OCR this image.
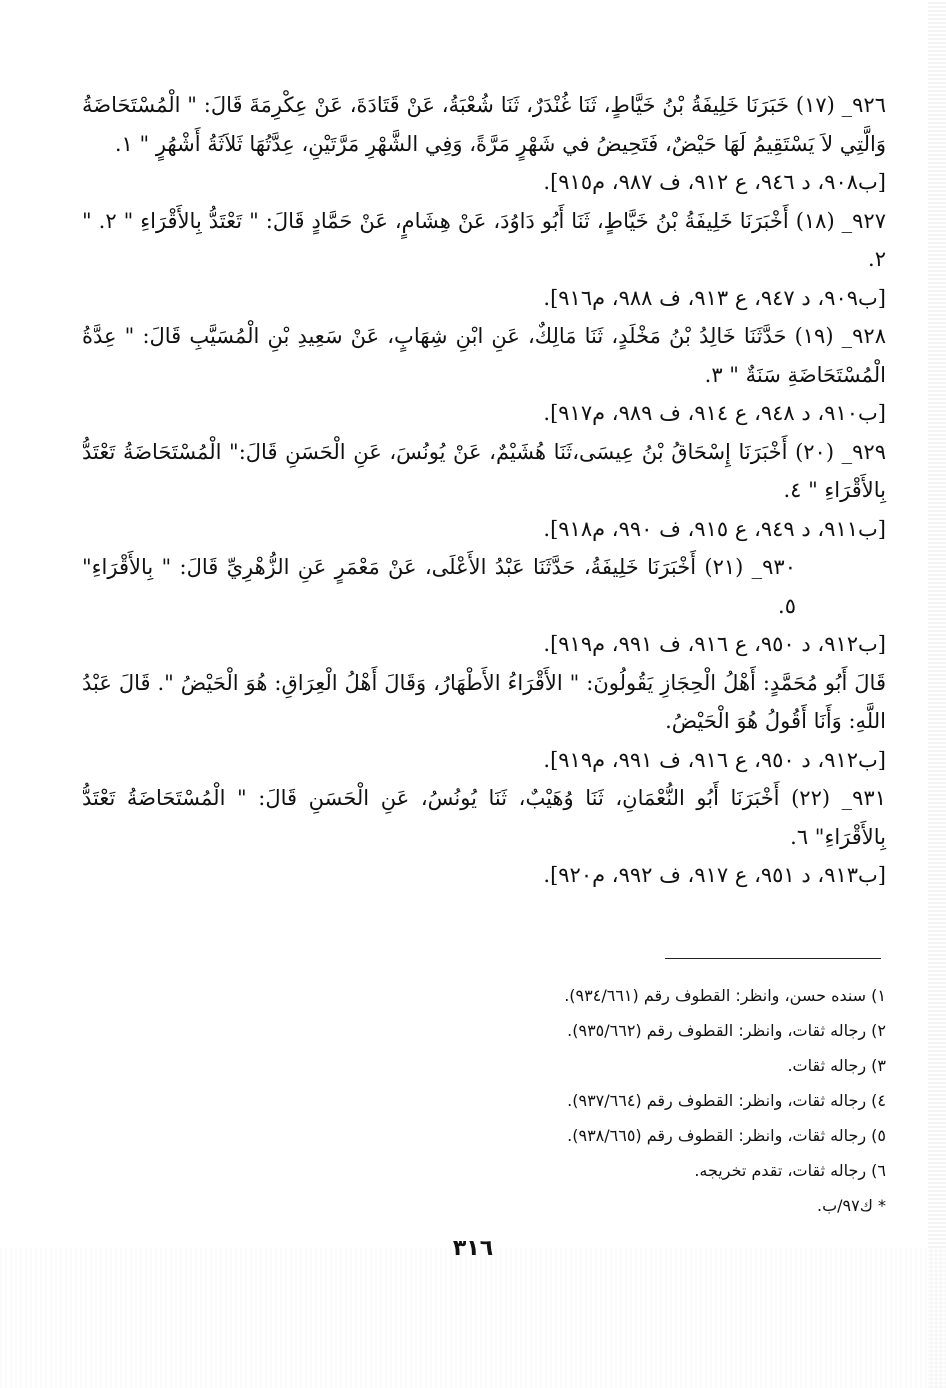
٩٢٦_ (١٧) خَبَرَنَا خَلِيفَةُ بْنُ خَيَّاطٍ، ثَنَا غُنْدَرٌ، ثَنَا شُعْبَةُ، عَنْ قَتَادَةَ، عَنْ عِكْرِمَةَ قَالَ: " الْمُسْتَحَاضَةُ وَالَّتِي لاَ يَسْتَقِيمُ لَهَا حَيْضٌ، فَتَحِيضُ في شَهْرٍ مَرَّةً، وَفِي الشَّهْرِ مَرَّتَيْنِ، عِدَّتُهَا ثَلاَثَةُ أَشْهُرٍ " ١.

[ب٩٠٨، د ٩٤٦، ع ٩١٢، ف ٩٨٧، م٩١٥].

٩٢٧_ (١٨) أَخْبَرَنَا خَلِيفَةُ بْنُ خَيَّاطٍ، ثَنَا أَبُو دَاوُدَ، عَنْ هِشَامٍ، عَنْ حَمَّادٍ قَالَ: " تَعْتَدُّ بِالأَقْرَاءِ " ٢. " ٢.

[ب٩٠٩، د ٩٤٧، ع ٩١٣، ف ٩٨٨، م٩١٦].

٩٢٨_ (١٩) حَدَّثَنَا خَالِدُ بْنُ مَخْلَدٍ، ثَنَا مَالِكٌ، عَنِ ابْنِ شِهَابٍ، عَنْ سَعِيدِ بْنِ الْمُسَيَّبِ قَالَ: " عِدَّةُ الْمُسْتَحَاضَةِ سَنَةٌ " ٣.

[ب٩١٠، د ٩٤٨، ع ٩١٤، ف ٩٨٩، م٩١٧].

٩٢٩_ (٢٠) أَخْبَرَنَا إِسْحَاقُ بْنُ عِيسَى،ثَنَا هُشَيْمٌ، عَنْ يُونُسَ، عَنِ الْحَسَنِ قَالَ:" الْمُسْتَحَاضَةُ تَعْتَدُّ بِالأَقْرَاءِ " ٤.

[ب٩١١، د ٩٤٩، ع ٩١٥، ف ٩٩٠، م٩١٨].

٩٣٠_ (٢١) أَخْبَرَنَا خَلِيفَةُ، حَدَّثَنَا عَبْدُ الأَعْلَى، عَنْ مَعْمَرٍ عَنِ الزُّهْرِيِّ قَالَ: " بِالأَقْرَاءِ" ٥.

[ب٩١٢، د ٩٥٠، ع ٩١٦، ف ٩٩١، م٩١٩].

قَالَ أَبُو مُحَمَّدٍ: أَهْلُ الْحِجَازِ يَقُولُونَ: " الأَقْرَاءُ الأَطْهَارُ، وَقَالَ أَهْلُ الْعِرَاقِ: هُوَ الْحَيْضُ ". قَالَ عَبْدُ اللَّهِ: وَأَنَا أَقُولُ هُوَ الْحَيْضُ.

[ب٩١٢، د ٩٥٠، ع ٩١٦، ف ٩٩١، م٩١٩].

٩٣١_ (٢٢) أَخْبَرَنَا أَبُو النُّعْمَانِ، ثَنَا وُهَيْبٌ، ثَنَا يُونُسُ، عَنِ الْحَسَنِ قَالَ: " الْمُسْتَحَاضَةُ تَعْتَدُّ بِالأَقْرَاءِ" ٦.

[ب٩١٣، د ٩٥١، ع ٩١٧، ف ٩٩٢، م٩٢٠].

١) سنده حسن، وانظر: القطوف رقم (٩٣٤/٦٦١).

٢) رجاله ثقات، وانظر: القطوف رقم (٩٣٥/٦٦٢).

٣) رجاله ثقات.

٤) رجاله ثقات، وانظر: القطوف رقم (٩٣٧/٦٦٤).

٥) رجاله ثقات، وانظر: القطوف رقم (٩٣٨/٦٦٥).

٦) رجاله ثقات، تقدم تخريجه.

* ك٩٧/ب.

٣١٦
